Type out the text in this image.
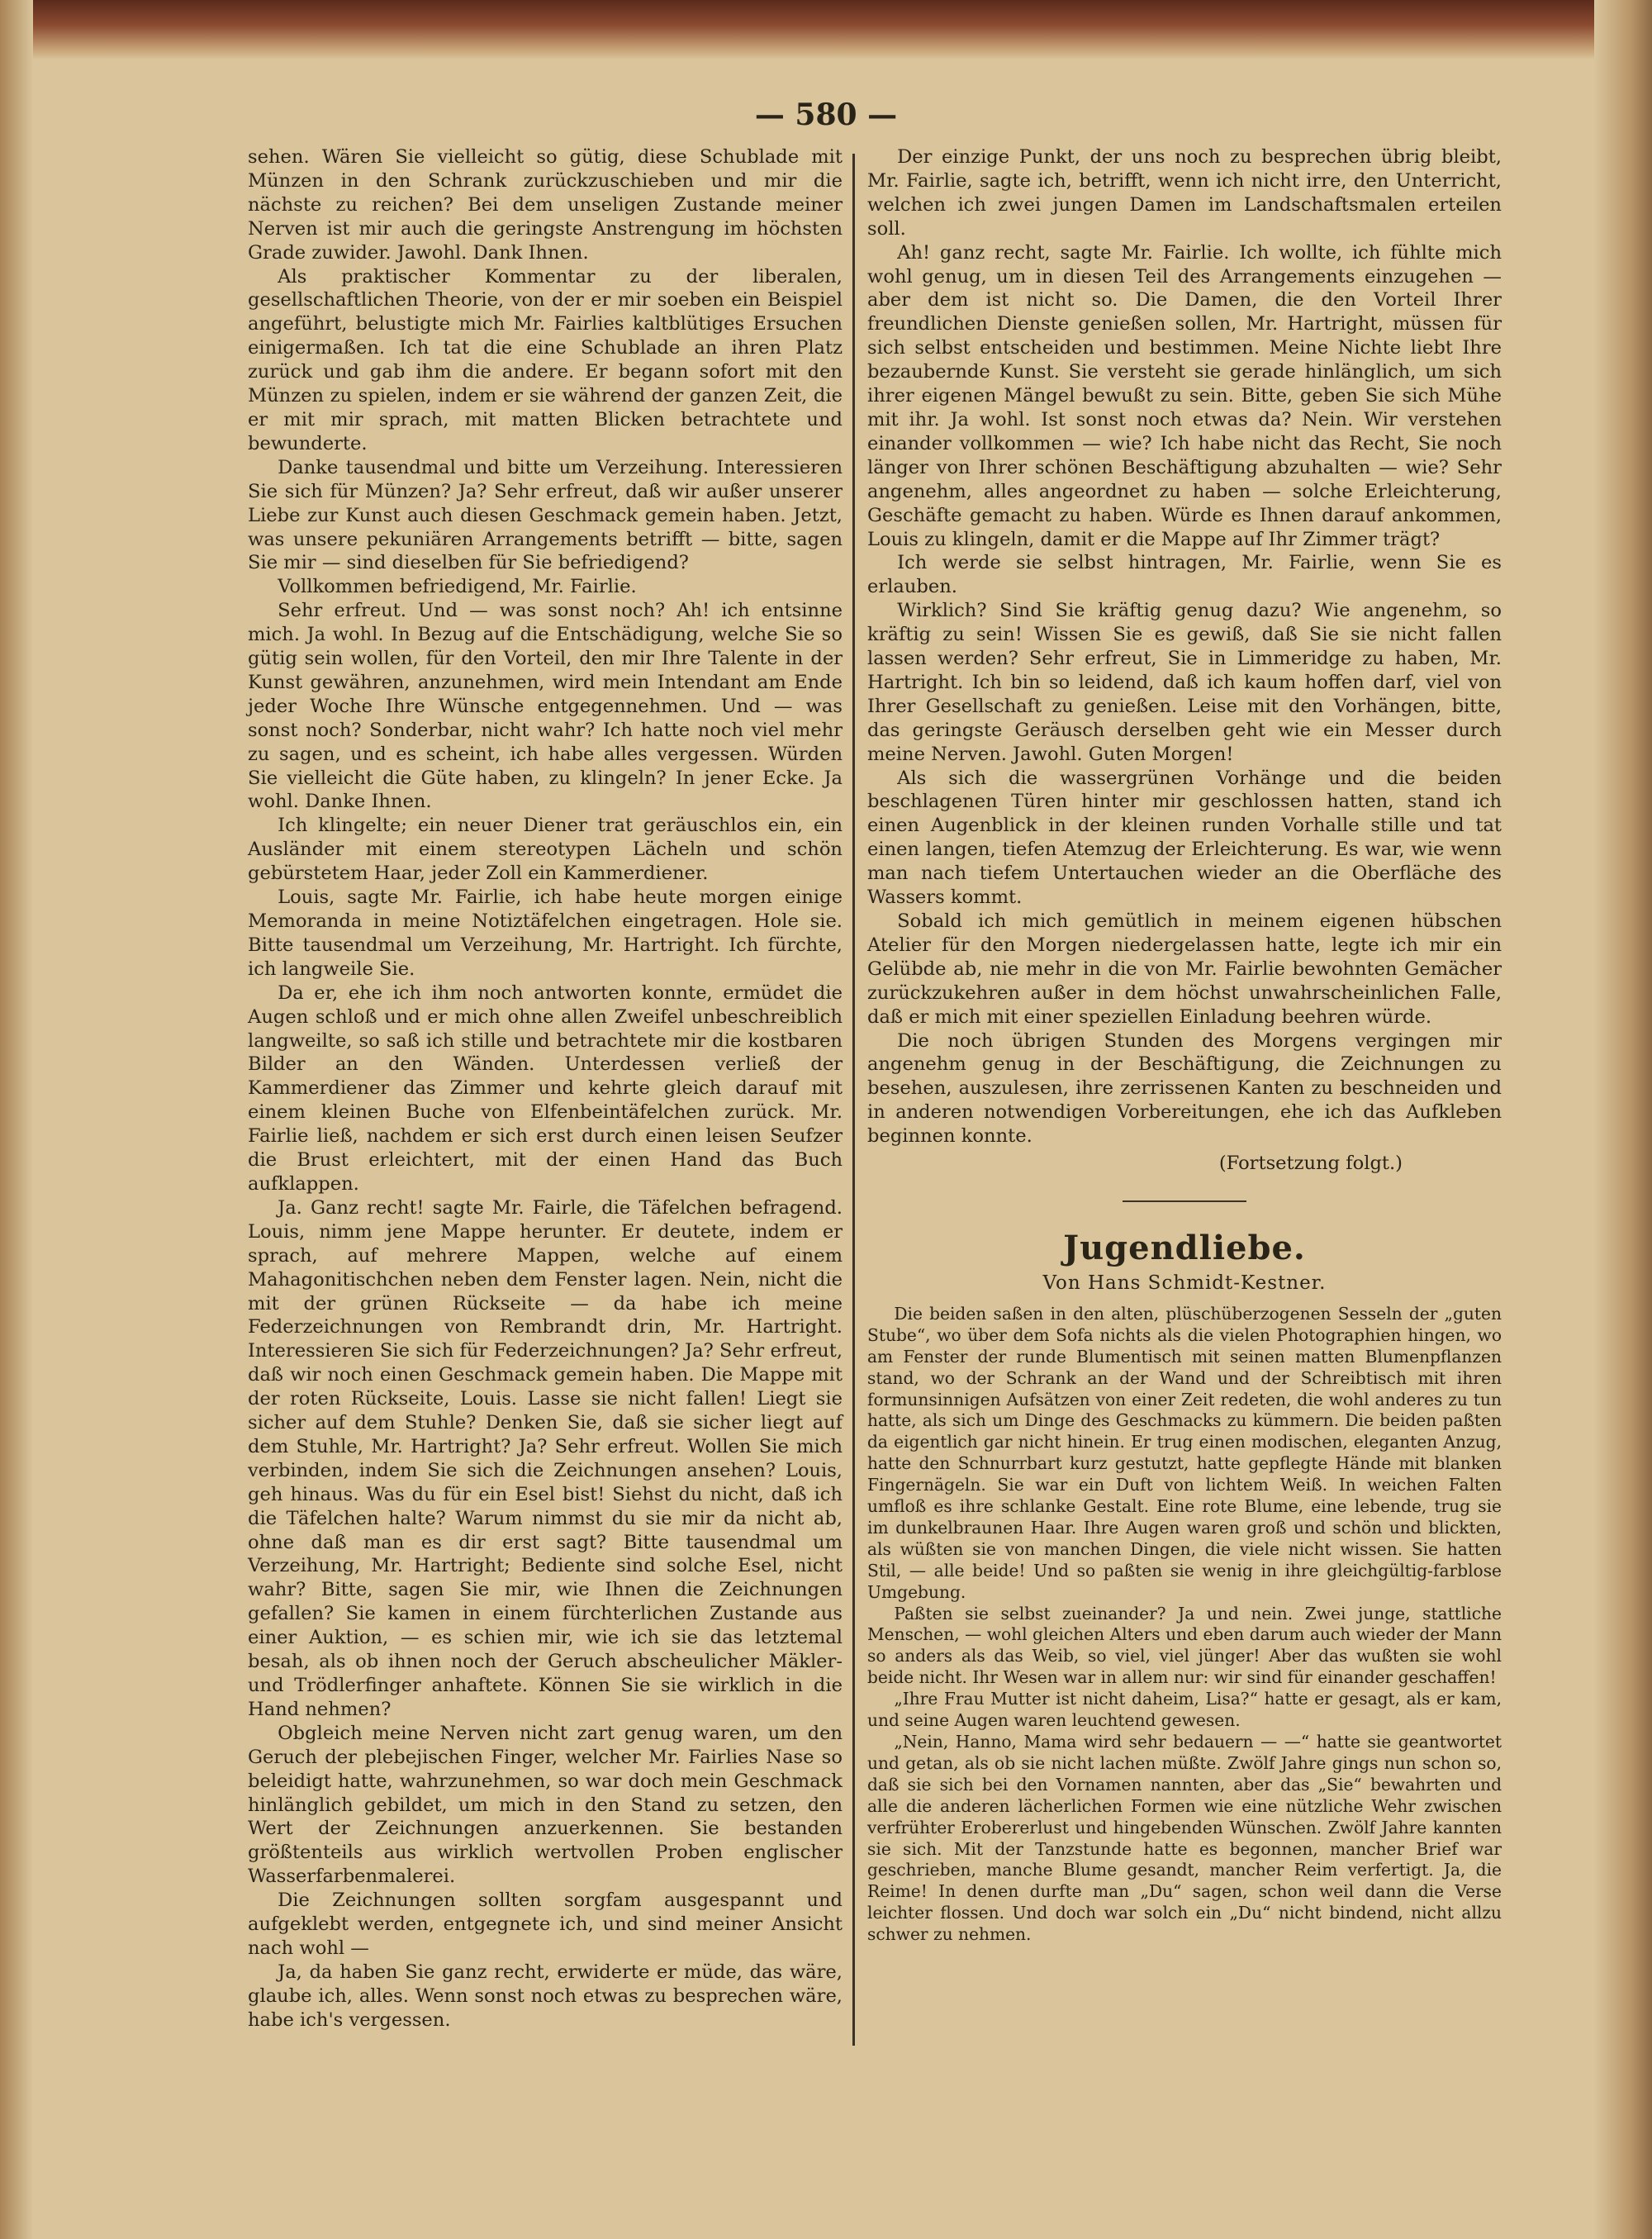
— 580 —

sehen. Wären Sie vielleicht so gütig, diese Schublade mit Münzen in den Schrank zurückzuschieben und mir die nächste zu reichen? Bei dem unseligen Zustande meiner Nerven ist mir auch die geringste Anstrengung im höchsten Grade zuwider. Jawohl. Dank Ihnen.

Als praktischer Kommentar zu der liberalen, gesellschaftlichen Theorie, von der er mir soeben ein Beispiel angeführt, belustigte mich Mr. Fairlies kaltblütiges Ersuchen einigermaßen. Ich tat die eine Schublade an ihren Platz zurück und gab ihm die andere. Er begann sofort mit den Münzen zu spielen, indem er sie während der ganzen Zeit, die er mit mir sprach, mit matten Blicken betrachtete und bewunderte.

Danke tausendmal und bitte um Verzeihung. Interessieren Sie sich für Münzen? Ja? Sehr erfreut, daß wir außer unserer Liebe zur Kunst auch diesen Geschmack gemein haben. Jetzt, was unsere pekuniären Arrangements betrifft — bitte, sagen Sie mir — sind dieselben für Sie befriedigend?

Vollkommen befriedigend, Mr. Fairlie.

Sehr erfreut. Und — was sonst noch? Ah! ich entsinne mich. Ja wohl. In Bezug auf die Entschädigung, welche Sie so gütig sein wollen, für den Vorteil, den mir Ihre Talente in der Kunst gewähren, anzunehmen, wird mein Intendant am Ende jeder Woche Ihre Wünsche entgegennehmen. Und — was sonst noch? Sonderbar, nicht wahr? Ich hatte noch viel mehr zu sagen, und es scheint, ich habe alles vergessen. Würden Sie vielleicht die Güte haben, zu klingeln? In jener Ecke. Ja wohl. Danke Ihnen.

Ich klingelte; ein neuer Diener trat geräuschlos ein, ein Ausländer mit einem stereotypen Lächeln und schön gebürstetem Haar, jeder Zoll ein Kammerdiener.

Louis, sagte Mr. Fairlie, ich habe heute morgen einige Memoranda in meine Notiztäfelchen eingetragen. Hole sie. Bitte tausendmal um Verzeihung, Mr. Hartright. Ich fürchte, ich langweile Sie.

Da er, ehe ich ihm noch antworten konnte, ermüdet die Augen schloß und er mich ohne allen Zweifel unbeschreiblich langweilte, so saß ich stille und betrachtete mir die kostbaren Bilder an den Wänden. Unterdessen verließ der Kammerdiener das Zimmer und kehrte gleich darauf mit einem kleinen Buche von Elfenbeintäfelchen zurück. Mr. Fairlie ließ, nachdem er sich erst durch einen leisen Seufzer die Brust erleichtert, mit der einen Hand das Buch aufklappen.

Ja. Ganz recht! sagte Mr. Fairle, die Täfelchen befragend. Louis, nimm jene Mappe herunter. Er deutete, indem er sprach, auf mehrere Mappen, welche auf einem Mahagonitischchen neben dem Fenster lagen. Nein, nicht die mit der grünen Rückseite — da habe ich meine Federzeichnungen von Rembrandt drin, Mr. Hartright. Interessieren Sie sich für Federzeichnungen? Ja? Sehr erfreut, daß wir noch einen Geschmack gemein haben. Die Mappe mit der roten Rückseite, Louis. Lasse sie nicht fallen! Liegt sie sicher auf dem Stuhle? Denken Sie, daß sie sicher liegt auf dem Stuhle, Mr. Hartright? Ja? Sehr erfreut. Wollen Sie mich verbinden, indem Sie sich die Zeichnungen ansehen? Louis, geh hinaus. Was du für ein Esel bist! Siehst du nicht, daß ich die Täfelchen halte? Warum nimmst du sie mir da nicht ab, ohne daß man es dir erst sagt? Bitte tausendmal um Verzeihung, Mr. Hartright; Bediente sind solche Esel, nicht wahr? Bitte, sagen Sie mir, wie Ihnen die Zeichnungen gefallen? Sie kamen in einem fürchterlichen Zustande aus einer Auktion, — es schien mir, wie ich sie das letztemal besah, als ob ihnen noch der Geruch abscheulicher Mäkler- und Trödlerfinger anhaftete. Können Sie sie wirklich in die Hand nehmen?

Obgleich meine Nerven nicht zart genug waren, um den Geruch der plebejischen Finger, welcher Mr. Fairlies Nase so beleidigt hatte, wahrzunehmen, so war doch mein Geschmack hinlänglich gebildet, um mich in den Stand zu setzen, den Wert der Zeichnungen anzuerkennen. Sie bestanden größtenteils aus wirklich wertvollen Proben englischer Wasserfarbenmalerei.

Die Zeichnungen sollten sorgfam ausgespannt und aufgeklebt werden, entgegnete ich, und sind meiner Ansicht nach wohl —

Ja, da haben Sie ganz recht, erwiderte er müde, das wäre, glaube ich, alles. Wenn sonst noch etwas zu besprechen wäre, habe ich's vergessen.

Der einzige Punkt, der uns noch zu besprechen übrig bleibt, Mr. Fairlie, sagte ich, betrifft, wenn ich nicht irre, den Unterricht, welchen ich zwei jungen Damen im Landschaftsmalen erteilen soll.

Ah! ganz recht, sagte Mr. Fairlie. Ich wollte, ich fühlte mich wohl genug, um in diesen Teil des Arrangements einzugehen — aber dem ist nicht so. Die Damen, die den Vorteil Ihrer freundlichen Dienste genießen sollen, Mr. Hartright, müssen für sich selbst entscheiden und bestimmen. Meine Nichte liebt Ihre bezaubernde Kunst. Sie versteht sie gerade hinlänglich, um sich ihrer eigenen Mängel bewußt zu sein. Bitte, geben Sie sich Mühe mit ihr. Ja wohl. Ist sonst noch etwas da? Nein. Wir verstehen einander vollkommen — wie? Ich habe nicht das Recht, Sie noch länger von Ihrer schönen Beschäftigung abzuhalten — wie? Sehr angenehm, alles angeordnet zu haben — solche Erleichterung, Geschäfte gemacht zu haben. Würde es Ihnen darauf ankommen, Louis zu klingeln, damit er die Mappe auf Ihr Zimmer trägt?

Ich werde sie selbst hintragen, Mr. Fairlie, wenn Sie es erlauben.

Wirklich? Sind Sie kräftig genug dazu? Wie angenehm, so kräftig zu sein! Wissen Sie es gewiß, daß Sie sie nicht fallen lassen werden? Sehr erfreut, Sie in Limmeridge zu haben, Mr. Hartright. Ich bin so leidend, daß ich kaum hoffen darf, viel von Ihrer Gesellschaft zu genießen. Leise mit den Vorhängen, bitte, das geringste Geräusch derselben geht wie ein Messer durch meine Nerven. Jawohl. Guten Morgen!

Als sich die wassergrünen Vorhänge und die beiden beschlagenen Türen hinter mir geschlossen hatten, stand ich einen Augenblick in der kleinen runden Vorhalle stille und tat einen langen, tiefen Atemzug der Erleichterung. Es war, wie wenn man nach tiefem Untertauchen wieder an die Oberfläche des Wassers kommt.

Sobald ich mich gemütlich in meinem eigenen hübschen Atelier für den Morgen niedergelassen hatte, legte ich mir ein Gelübde ab, nie mehr in die von Mr. Fairlie bewohnten Gemächer zurückzukehren außer in dem höchst unwahrscheinlichen Falle, daß er mich mit einer speziellen Einladung beehren würde.

Die noch übrigen Stunden des Morgens vergingen mir angenehm genug in der Beschäftigung, die Zeichnungen zu besehen, auszulesen, ihre zerrissenen Kanten zu beschneiden und in anderen notwendigen Vorbereitungen, ehe ich das Aufkleben beginnen konnte.

(Fortsetzung folgt.)
Jugendliebe.
Von Hans Schmidt-Kestner.

Die beiden saßen in den alten, plüschüberzogenen Sesseln der „guten Stube“, wo über dem Sofa nichts als die vielen Photographien hingen, wo am Fenster der runde Blumentisch mit seinen matten Blumenpflanzen stand, wo der Schrank an der Wand und der Schreibtisch mit ihren formunsinnigen Aufsätzen von einer Zeit redeten, die wohl anderes zu tun hatte, als sich um Dinge des Geschmacks zu kümmern. Die beiden paßten da eigentlich gar nicht hinein. Er trug einen modischen, eleganten Anzug, hatte den Schnurrbart kurz gestutzt, hatte gepflegte Hände mit blanken Fingernägeln. Sie war ein Duft von lichtem Weiß. In weichen Falten umfloß es ihre schlanke Gestalt. Eine rote Blume, eine lebende, trug sie im dunkelbraunen Haar. Ihre Augen waren groß und schön und blickten, als wüßten sie von manchen Dingen, die viele nicht wissen. Sie hatten Stil, — alle beide! Und so paßten sie wenig in ihre gleichgültig-farblose Umgebung.

Paßten sie selbst zueinander? Ja und nein. Zwei junge, stattliche Menschen, — wohl gleichen Alters und eben darum auch wieder der Mann so anders als das Weib, so viel, viel jünger! Aber das wußten sie wohl beide nicht. Ihr Wesen war in allem nur: wir sind für einander geschaffen!

„Ihre Frau Mutter ist nicht daheim, Lisa?“ hatte er gesagt, als er kam, und seine Augen waren leuchtend gewesen.

„Nein, Hanno, Mama wird sehr bedauern — —“ hatte sie geantwortet und getan, als ob sie nicht lachen müßte. Zwölf Jahre gings nun schon so, daß sie sich bei den Vornamen nannten, aber das „Sie“ bewahrten und alle die anderen lächerlichen Formen wie eine nützliche Wehr zwischen verfrühter Erobererlust und hingebenden Wünschen. Zwölf Jahre kannten sie sich. Mit der Tanzstunde hatte es begonnen, mancher Brief war geschrieben, manche Blume gesandt, mancher Reim verfertigt. Ja, die Reime! In denen durfte man „Du“ sagen, schon weil dann die Verse leichter flossen. Und doch war solch ein „Du“ nicht bindend, nicht allzu schwer zu nehmen.
